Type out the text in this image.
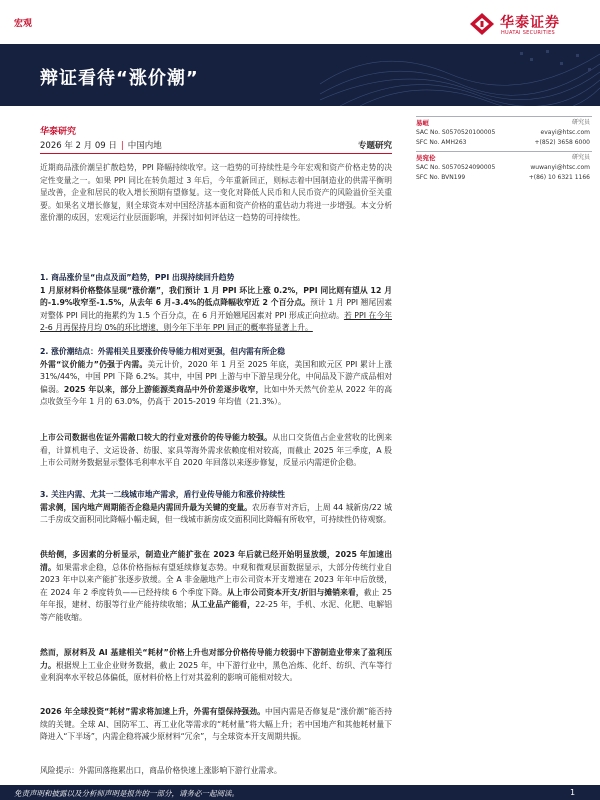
宏观	华泰证券
HUATAI SECURITIES
辩证看待“涨价潮”
华泰研究
2026 年 2 月 09 日 | 中国内地	专题研究
近期商品涨价潮呈扩散趋势，PPI 降幅持续收窄。这一趋势的可持续性是今年宏观和资产价格走势的决定性变量之一。如果 PPI 同比在转负超过 3 年后，今年重新回正，则标志着中国制造业的供需平衡明显改善，企业和居民的收入增长预期有望修复。这一变化对降低人民币和人民币资产的风险溢价至关重要。如果名义增长修复，则全球资本对中国经济基本面和资产价格的重估动力将进一步增强。本文分析涨价潮的成因，宏观运行业层面影响，并探讨如何评估这一趋势的可持续性。
1. 商品涨价呈“由点及面”趋势，PPI 出现持续回升趋势
1 月原材料价格整体呈现“涨价潮”，我们预计 1 月 PPI 环比上涨 0.2%，PPI 同比则有望从 12 月的-1.9%收窄至-1.5%，从去年 6 月-3.4%的低点降幅收窄近 2 个百分点。预计 1 月 PPI 翘尾因素对整体 PPI 同比的拖累约为 1.5 个百分点，在 6 月开始翘尾因素对 PPI 形成正向拉动。若 PPI 在今年 2-6 月再保持月均 0%的环比增速，则今年下半年 PPI 回正的概率将显著上升。
2. 涨价潮结点：外需相关且要涨价传导能力相对更强，但内需有所企稳
外需“议价能力”仍强于内需。美元计价，2020 年 1 月至 2025 年底，美国和欧元区 PPI 累计上涨 31%/44%，中国 PPI 下降 6.2%。其中，中国 PPI 上游与中下游呈现分化，中间品及下游产成品相对偏弱。2025 年以来，部分上游能源类商品中外价差逐步收窄，比如中外天然气价差从 2022 年的高点收敛至今年 1 月的 63.0%，仍高于 2015-2019 年均值（21.3%）。
上市公司数据也佐证外需敞口较大的行业对涨价的传导能力较强。从出口交货值占企业营收的比例来看，计算机电子、文运设备、纺服、家具等海外需求依赖度相对较高，而截止 2025 年三季度，A 股上市公司财务数据显示整体毛利率水平自 2020 年回落以来逐步修复，反显示内需逆价企稳。
3. 关注内需、尤其一二线城市地产需求，盾行业传导能力和涨价持续性
需求侧，国内地产周期能否企稳是内需回升最为关键的变量。农历春节对齐后，上周 44 城新房/22 城二手房成交面积同比降幅小幅走阔，但一线城市新房成交面积同比降幅有所收窄，可持续性仍待观察。
供给侧，多因素的分析显示，制造业产能扩张在 2023 年后就已经开始明显放缓，2025 年加速出清。如果需求企稳，总体价格指标有望延续修复态势。中观和微观层面数据显示，大部分传统行业自 2023 年中以来产能扩张逐步放缓。全 A 非金融地产上市公司资本开支增速在 2023 年年中后放缓，在 2024 年 2 季度转负——已经持续 6 个季度下降。从上市公司资本开支/折旧与摊销来看，截止 25 年年报，建材、纺服等行业产能持续收缩；从工业品产能看，22-25 年，手机、水泥、化肥、电解铝等产能收缩。
然而，原材料及 AI 基建相关“耗材”价格上升也对部分价格传导能力较弱中下游制造业带来了盈利压力。根据规上工业企业财务数据，截止 2025 年，中下游行业中，黑色冶炼、化纤、纺织、汽车等行业利润率水平较总体偏低，原材料价格上行对其盈利的影响可能相对较大。
2026 年全球投资“耗材”需求将加速上升，外需有望保持强劲。中国内需是否修复是“涨价潮”能否持续的关键。全球 AI、国防军工、再工业化等需求的“耗材量”将大幅上升；若中国地产和其他耗材量下降进入“下半场”，内需企稳将减少原材料“冗余”，与全球资本开支周期共振。
风险提示：外需回落拖累出口，商品价格快速上涨影响下游行业需求。
易峘	研究员
SAC No. S0570520100005	evayi@htsc.com
SFC No. AMH263	+(852) 3658 6000
吴宛伦	研究员
SAC No. S0570524090005	wuwanyi@htsc.com
SFC No. BVN199	+(86) 10 6321 1166
免责声明和披露以及分析师声明是报告的一部分，请务必一起阅读。	1
